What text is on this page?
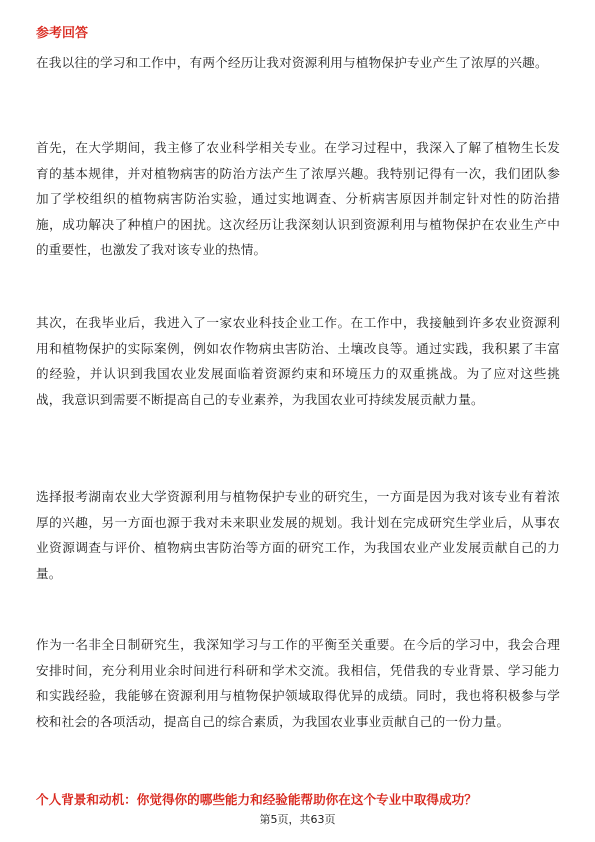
参考回答

在我以往的学习和工作中，有两个经历让我对资源利用与植物保护专业产生了浓厚的兴趣。

首先，在大学期间，我主修了农业科学相关专业。在学习过程中，我深入了解了植物生长发育的基本规律，并对植物病害的防治方法产生了浓厚兴趣。我特别记得有一次，我们团队参加了学校组织的植物病害防治实验，通过实地调查、分析病害原因并制定针对性的防治措施，成功解决了种植户的困扰。这次经历让我深刻认识到资源利用与植物保护在农业生产中的重要性，也激发了我对该专业的热情。

其次，在我毕业后，我进入了一家农业科技企业工作。在工作中，我接触到许多农业资源利用和植物保护的实际案例，例如农作物病虫害防治、土壤改良等。通过实践，我积累了丰富的经验，并认识到我国农业发展面临着资源约束和环境压力的双重挑战。为了应对这些挑战，我意识到需要不断提高自己的专业素养，为我国农业可持续发展贡献力量。

选择报考湖南农业大学资源利用与植物保护专业的研究生，一方面是因为我对该专业有着浓厚的兴趣，另一方面也源于我对未来职业发展的规划。我计划在完成研究生学业后，从事农业资源调查与评价、植物病虫害防治等方面的研究工作，为我国农业产业发展贡献自己的力量。

作为一名非全日制研究生，我深知学习与工作的平衡至关重要。在今后的学习中，我会合理安排时间，充分利用业余时间进行科研和学术交流。我相信，凭借我的专业背景、学习能力和实践经验，我能够在资源利用与植物保护领域取得优异的成绩。同时，我也将积极参与学校和社会的各项活动，提高自己的综合素质，为我国农业事业贡献自己的一份力量。

个人背景和动机：你觉得你的哪些能力和经验能帮助你在这个专业中取得成功？

第5页，共63页
